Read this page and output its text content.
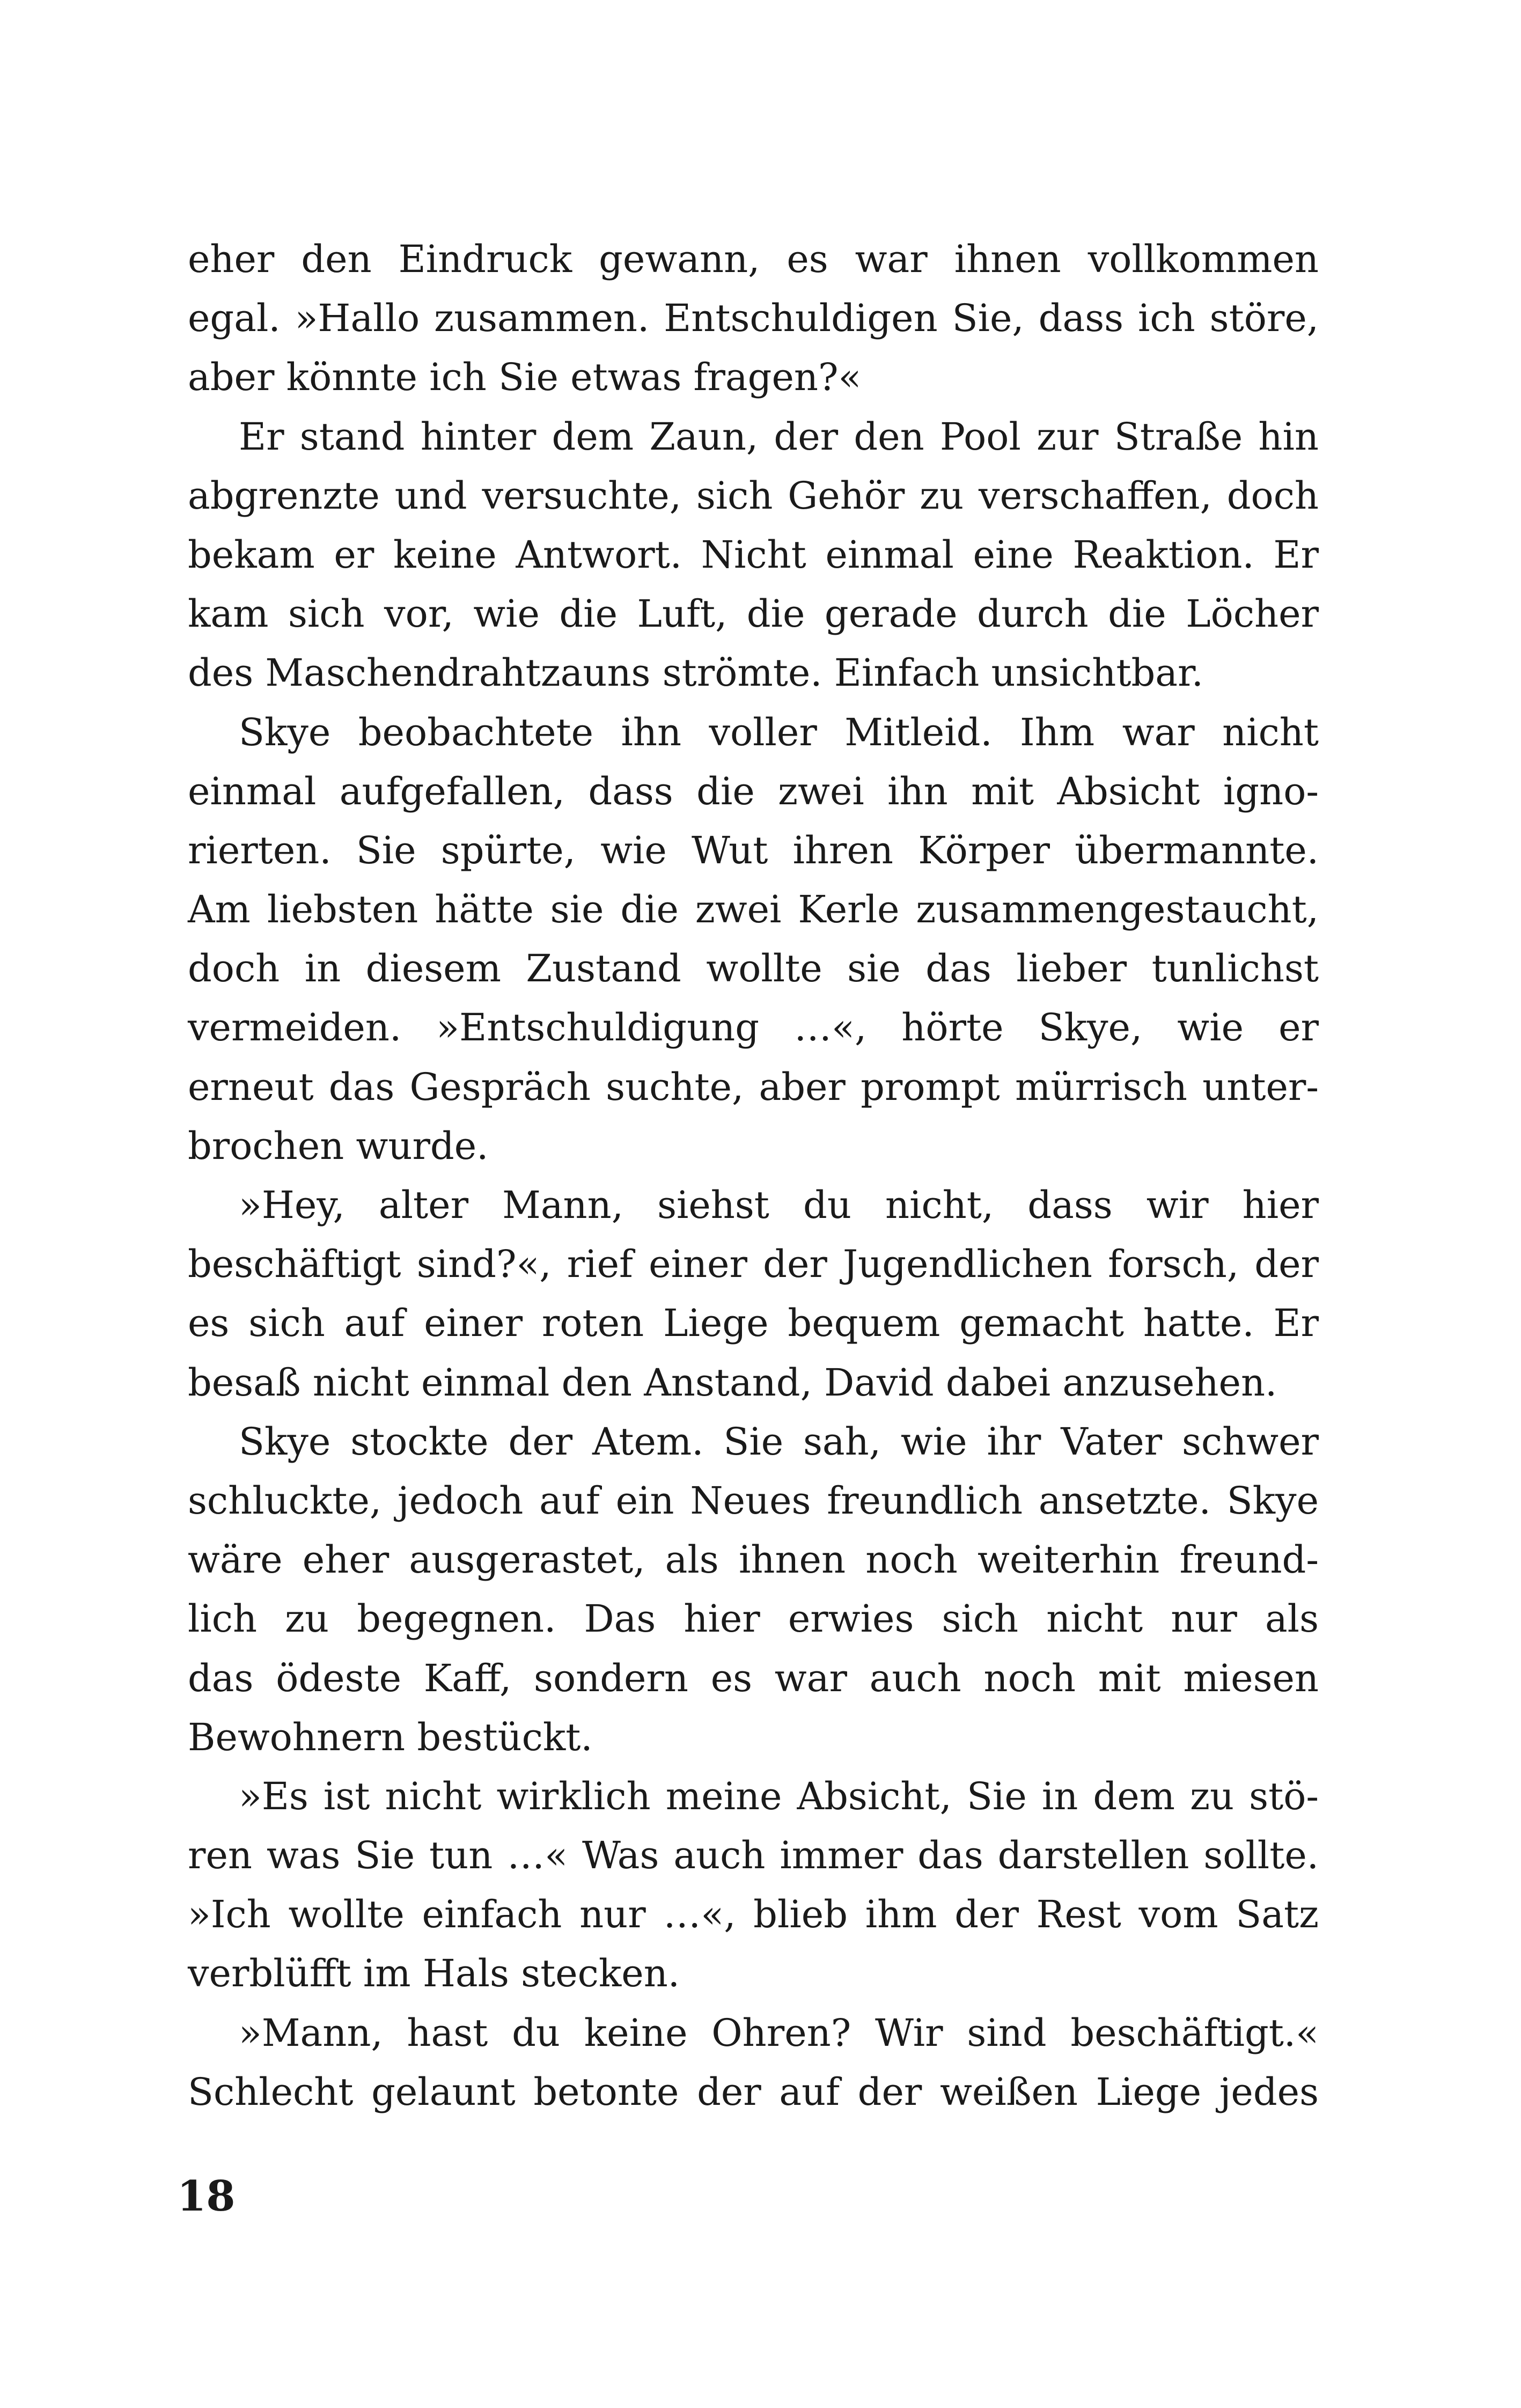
eher den Eindruck gewann, es war ihnen vollkommen
egal. »Hallo zusammen. Entschuldigen Sie, dass ich störe,
aber könnte ich Sie etwas fragen?«
Er stand hinter dem Zaun, der den Pool zur Straße hin
abgrenzte und versuchte, sich Gehör zu verschaffen, doch
bekam er keine Antwort. Nicht einmal eine Reaktion. Er
kam sich vor, wie die Luft, die gerade durch die Löcher
des Maschendrahtzauns strömte. Einfach unsichtbar.
Skye beobachtete ihn voller Mitleid. Ihm war nicht
einmal aufgefallen, dass die zwei ihn mit Absicht igno-
rierten. Sie spürte, wie Wut ihren Körper übermannte.
Am liebsten hätte sie die zwei Kerle zusammengestaucht,
doch in diesem Zustand wollte sie das lieber tunlichst
vermeiden. »Entschuldigung …«, hörte Skye, wie er
erneut das Gespräch suchte, aber prompt mürrisch unter-
brochen wurde.
»Hey, alter Mann, siehst du nicht, dass wir hier
beschäftigt sind?«, rief einer der Jugendlichen forsch, der
es sich auf einer roten Liege bequem gemacht hatte. Er
besaß nicht einmal den Anstand, David dabei anzusehen.
Skye stockte der Atem. Sie sah, wie ihr Vater schwer
schluckte, jedoch auf ein Neues freundlich ansetzte. Skye
wäre eher ausgerastet, als ihnen noch weiterhin freund-
lich zu begegnen. Das hier erwies sich nicht nur als
das ödeste Kaff, sondern es war auch noch mit miesen
Bewohnern bestückt.
»Es ist nicht wirklich meine Absicht, Sie in dem zu stö-
ren was Sie tun …« Was auch immer das darstellen sollte.
»Ich wollte einfach nur …«, blieb ihm der Rest vom Satz
verblüfft im Hals stecken.
»Mann, hast du keine Ohren? Wir sind beschäftigt.«
Schlecht gelaunt betonte der auf der weißen Liege jedes
18
